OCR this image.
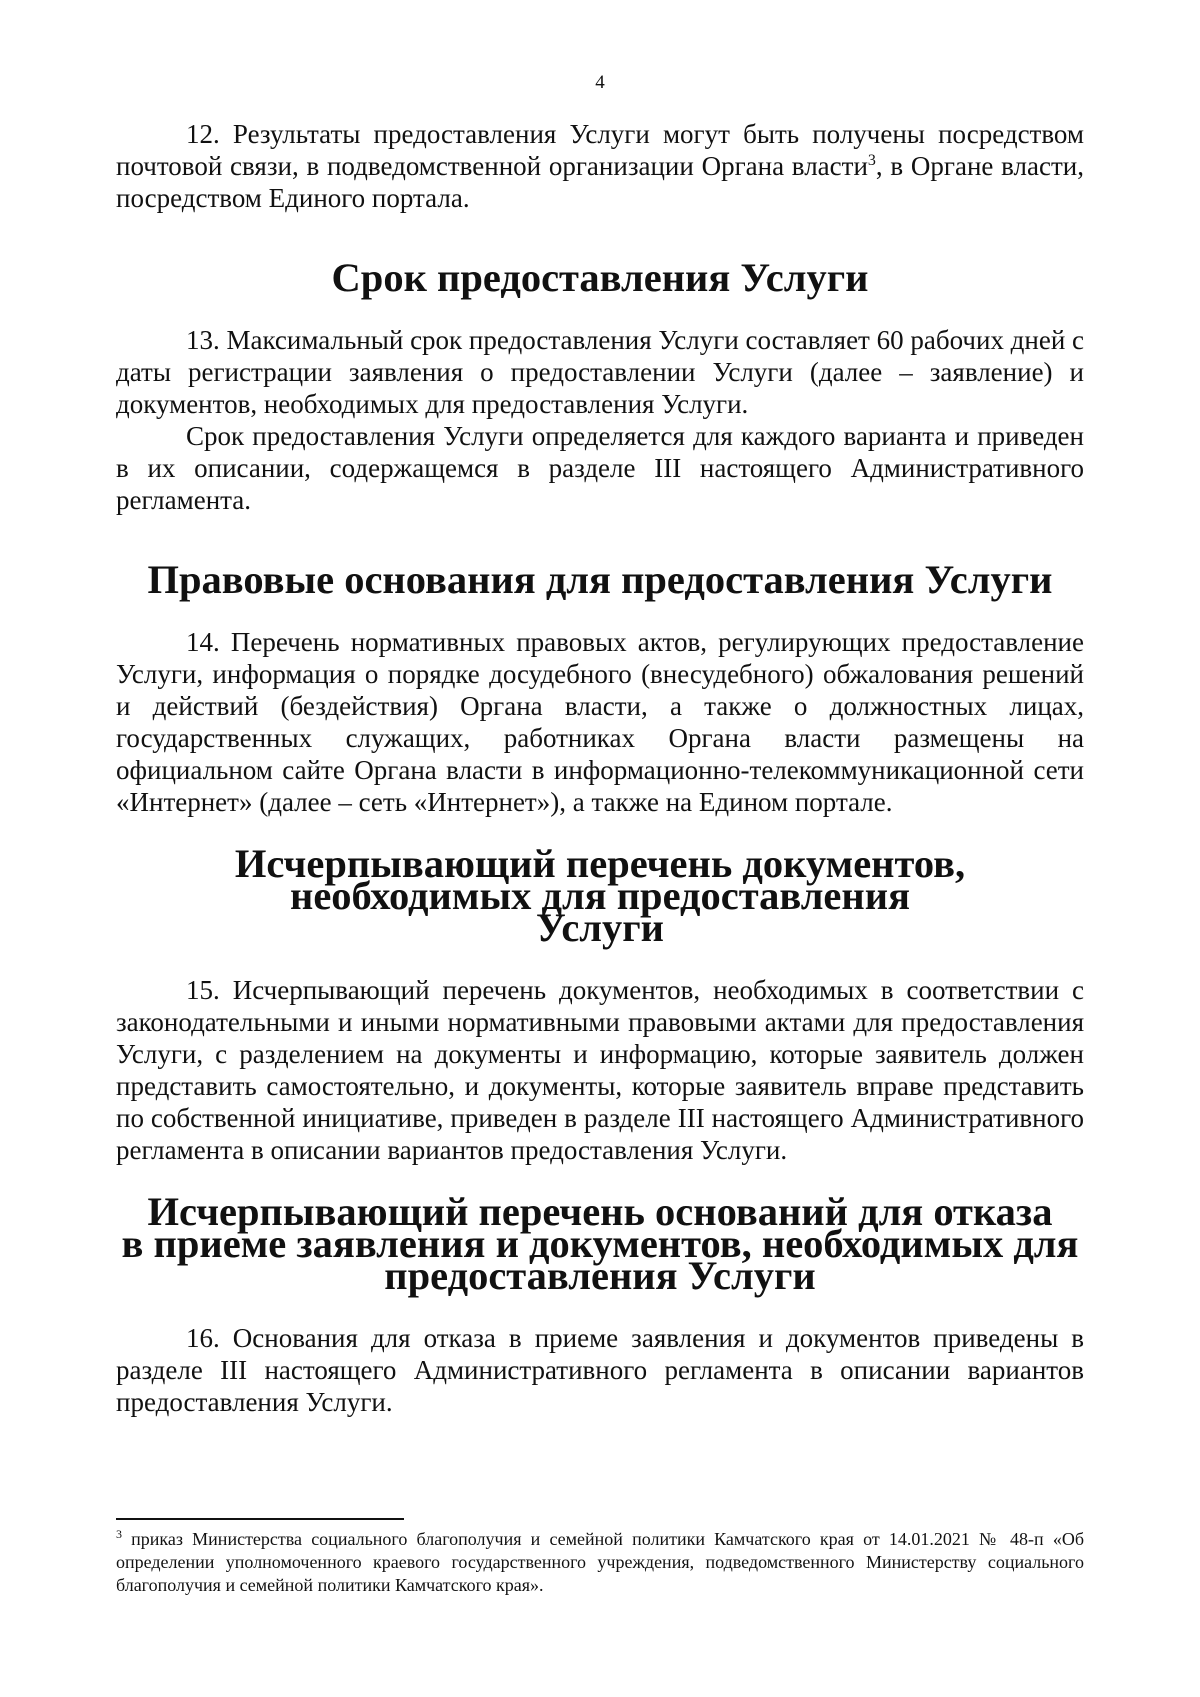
4

12. Результаты предоставления Услуги могут быть получены посредством почтовой связи, в подведомственной организации Органа власти$^3$, в Органе власти, посредством Единого портала.

Срок предоставления Услуги

13. Максимальный срок предоставления Услуги составляет 60 рабочих дней с даты регистрации заявления о предоставлении Услуги (далее – заявление) и документов, необходимых для предоставления Услуги.

Срок предоставления Услуги определяется для каждого варианта и приведен в их описании, содержащемся в разделе III настоящего Административного регламента.

Правовые основания для предоставления Услуги

14. Перечень нормативных правовых актов, регулирующих предоставление Услуги, информация о порядке досудебного (внесудебного) обжалования решений и действий (бездействия) Органа власти, а также о должностных лицах, государственных служащих, работниках Органа власти размещены на официальном сайте Органа власти в информационно-телекоммуникационной сети «Интернет» (далее – сеть «Интернет»), а также на Едином портале.

Исчерпывающий перечень документов, необходимых для предоставления
Услуги

15. Исчерпывающий перечень документов, необходимых в соответствии с законодательными и иными нормативными правовыми актами для предоставления Услуги, с разделением на документы и информацию, которые заявитель должен представить самостоятельно, и документы, которые заявитель вправе представить по собственной инициативе, приведен в разделе III настоящего Административного регламента в описании вариантов предоставления Услуги.

Исчерпывающий перечень оснований для отказа
в приеме заявления и документов, необходимых для предоставления Услуги

16. Основания для отказа в приеме заявления и документов приведены в разделе III настоящего Административного регламента в описании вариантов предоставления Услуги.

$^3$ приказ Министерства социального благополучия и семейной политики Камчатского края от 14.01.2021 № 48-п «Об определении уполномоченного краевого государственного учреждения, подведомственного Министерству социального благополучия и семейной политики Камчатского края».
